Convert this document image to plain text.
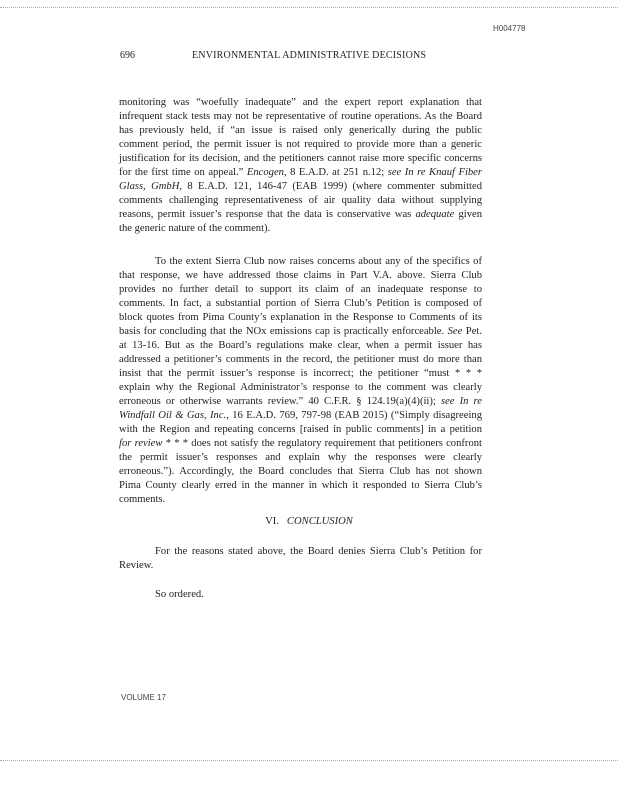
H004778
696	ENVIRONMENTAL ADMINISTRATIVE DECISIONS
monitoring was “woefully inadequate” and the expert report explanation that
infrequent stack tests may not be representative of routine operations. As the Board
has previously held, if “an issue is raised only generically during the public
comment period, the permit issuer is not required to provide more than a generic
justification for its decision, and the petitioners cannot raise more specific concerns
for the first time on appeal.” Encogen, 8 E.A.D. at 251 n.12; see In re Knauf Fiber
Glass, GmbH, 8 E.A.D. 121, 146-47 (EAB 1999) (where commenter submitted
comments challenging representativeness of air quality data without supplying
reasons, permit issuer’s response that the data is conservative was adequate given
the generic nature of the comment).
To the extent Sierra Club now raises concerns about any of the specifics of
that response, we have addressed those claims in Part V.A. above. Sierra Club
provides no further detail to support its claim of an inadequate response to
comments. In fact, a substantial portion of Sierra Club’s Petition is composed of
block quotes from Pima County’s explanation in the Response to Comments of its
basis for concluding that the NOx emissions cap is practically enforceable. See Pet.
at 13-16. But as the Board’s regulations make clear, when a permit issuer has
addressed a petitioner’s comments in the record, the petitioner must do more than
insist that the permit issuer’s response is incorrect; the petitioner “must * * *
explain why the Regional Administrator’s response to the comment was clearly
erroneous or otherwise warrants review.” 40 C.F.R. § 124.19(a)(4)(ii); see In re
Windfall Oil & Gas, Inc., 16 E.A.D. 769, 797-98 (EAB 2015) (“Simply disagreeing
with the Region and repeating concerns [raised in public comments] in a petition
for review * * * does not satisfy the regulatory requirement that petitioners confront
the permit issuer’s responses and explain why the responses were clearly
erroneous.”). Accordingly, the Board concludes that Sierra Club has not shown
Pima County clearly erred in the manner in which it responded to Sierra Club’s
comments.
VI. CONCLUSION
For the reasons stated above, the Board denies Sierra Club’s Petition for
Review.
So ordered.
VOLUME 17
